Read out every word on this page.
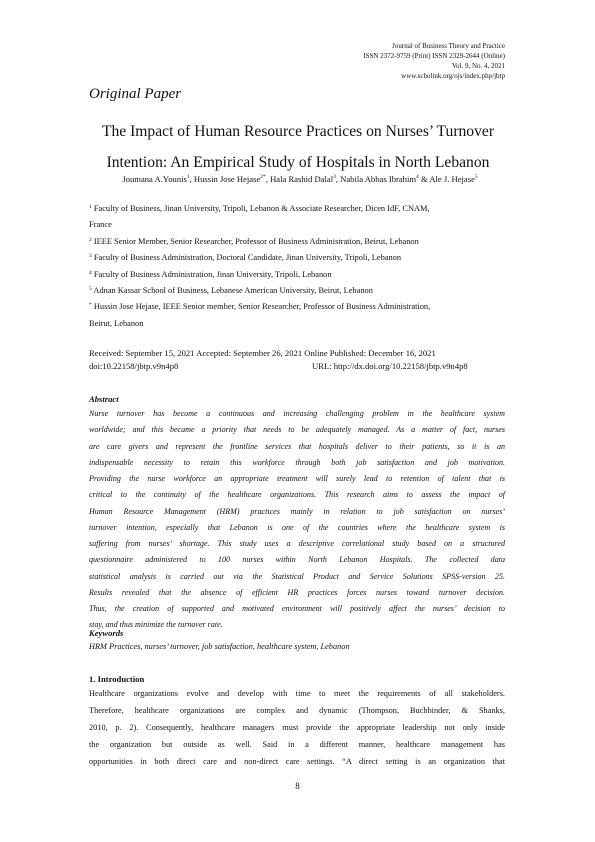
Journal of Business Theory and Practice
ISSN 2372-9759 (Print) ISSN 2329-2644 (Online)
Vol. 9, No. 4, 2021
www.scholink.org/ojs/index.php/jbtp
Original Paper
The Impact of Human Resource Practices on Nurses’ Turnover
Intention: An Empirical Study of Hospitals in North Lebanon
Joumana A.Younis$^1$, Hussin Jose Hejase$^{2*}$, Hala Rashid Dalal$^3$, Nabila Abbas Ibrahim$^4$ & Ale J. Hejase$^5$
$^1$ Faculty of Business, Jinan University, Tripoli, Lebanon & Associate Researcher, Dicen IdF, CNAM,
France
$^2$ IEEE Senior Member, Senior Researcher, Professor of Business Administration, Beirut, Lebanon
$^3$ Faculty of Business Administration, Doctoral Candidate, Jinan University, Tripoli, Lebanon
$^4$ Faculty of Business Administration, Jinan University, Tripoli, Lebanon
$^5$ Adnan Kassar School of Business, Lebanese American University, Beirut, Lebanon
* Hussin Jose Hejase, IEEE Senior member, Senior Researcher, Professor of Business Administration,
Beirut, Lebanon
Received: September 15, 2021 Accepted: September 26, 2021 Online Published: December 16, 2021
doi:10.22158/jbtp.v9n4p8	URL: http://dx.doi.org/10.22158/jbtp.v9n4p8
Abstract
Nurse turnover has become a continuous and increasing challenging problem in the healthcare system
worldwide; and this became a priority that needs to be adequately managed. As a matter of fact, nurses
are care givers and represent the frontline services that hospitals deliver to their patients, so it is an
indispensable necessity to retain this workforce through both job satisfaction and job motivation.
Providing the nurse workforce an appropriate treatment will surely lead to retention of talent that is
critical to the continuity of the healthcare organizations. This research aims to assess the impact of
Human Resource Management (HRM) practices mainly in relation to job satisfaction on nurses’
turnover intention, especially that Lebanon is one of the countries where the healthcare system is
suffering from nurses’ shortage. This study uses a descriptive correlational study based on a structured
questionnaire administered to 100 nurses within North Lebanon Hospitals. The collected data
statistical analysis is carried out via the Statistical Product and Service Solutions SPSS-version 25.
Results revealed that the absence of efficient HR practices forces nurses toward turnover decision.
Thus, the creation of supported and motivated environment will positively affect the nurses’ decision to
stay, and thus minimize the turnover rate.
Keywords
HRM Practices, nurses’ turnover, job satisfaction, healthcare system, Lebanon
1. Introduction
Healthcare organizations evolve and develop with time to meet the requirements of all stakeholders.
Therefore, healthcare organizations are complex and dynamic (Thompson, Buchbinder, & Shanks,
2010, p. 2). Consequently, healthcare managers must provide the appropriate leadership not only inside
the organization but outside as well. Said in a different manner, healthcare management has
opportunities in both direct care and non-direct care settings. “A direct setting is an organization that
8
